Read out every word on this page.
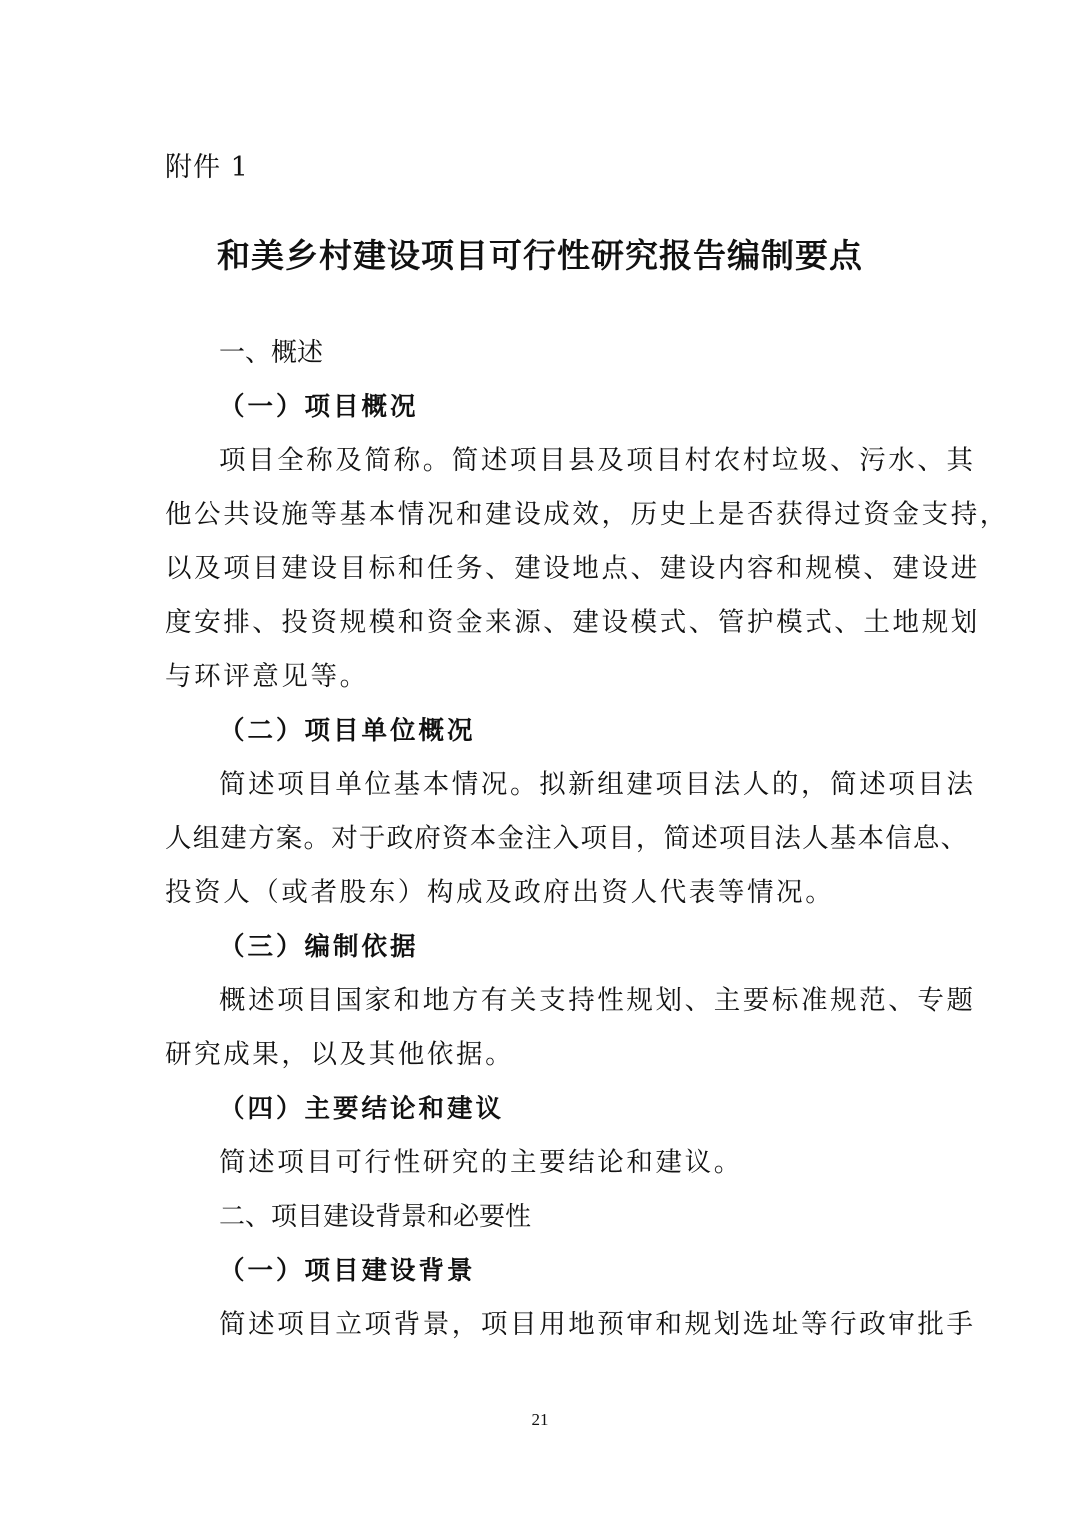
附件 1
和美乡村建设项目可行性研究报告编制要点
一、概述
（一）项目概况
项目全称及简称。简述项目县及项目村农村垃圾、污水、其
他公共设施等基本情况和建设成效，历史上是否获得过资金支持，
以及项目建设目标和任务、建设地点、建设内容和规模、建设进
度安排、投资规模和资金来源、建设模式、管护模式、土地规划
与环评意见等。
（二）项目单位概况
简述项目单位基本情况。拟新组建项目法人的，简述项目法
人组建方案。对于政府资本金注入项目，简述项目法人基本信息、
投资人（或者股东）构成及政府出资人代表等情况。
（三）编制依据
概述项目国家和地方有关支持性规划、主要标准规范、专题
研究成果，以及其他依据。
（四）主要结论和建议
简述项目可行性研究的主要结论和建议。
二、项目建设背景和必要性
（一）项目建设背景
简述项目立项背景，项目用地预审和规划选址等行政审批手
21
